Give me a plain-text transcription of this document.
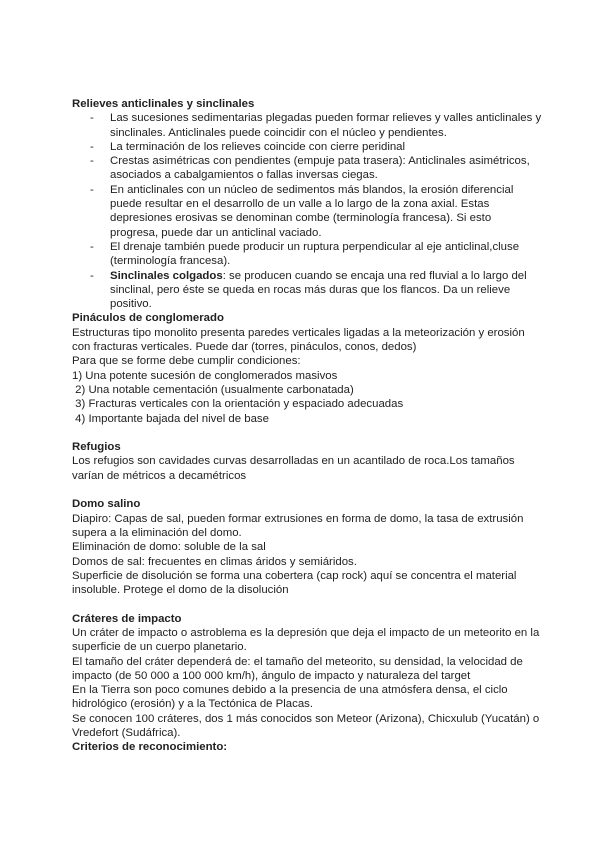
Relieves anticlinales y sinclinales

- Las sucesiones sedimentarias plegadas pueden formar relieves y valles anticlinales y sinclinales. Anticlinales puede coincidir con el núcleo y pendientes.
- La terminación de los relieves coincide con cierre peridinal
- Crestas asimétricas con pendientes (empuje pata trasera): Anticlinales asimétricos, asociados a cabalgamientos o fallas inversas ciegas.
- En anticlinales con un núcleo de sedimentos más blandos, la erosión diferencial puede resultar en el desarrollo de un valle a lo largo de la zona axial. Estas depresiones erosivas se denominan combe (terminología francesa). Si esto progresa, puede dar un anticlinal vaciado.
- El drenaje también puede producir un ruptura perpendicular al eje anticlinal,cluse (terminología francesa).
- Sinclinales colgados: se producen cuando se encaja una red fluvial a lo largo del sinclinal, pero éste se queda en rocas más duras que los flancos. Da un relieve positivo.

Pináculos de conglomerado

Estructuras tipo monolito presenta paredes verticales ligadas a la meteorización y erosión con fracturas verticales. Puede dar (torres, pináculos, conos, dedos)

Para que se forme debe cumplir condiciones:

1) Una potente sucesión de conglomerados masivos

2) Una notable cementación (usualmente carbonatada)

3) Fracturas verticales con la orientación y espaciado adecuadas

4) Importante bajada del nivel de base

Refugios

Los refugios son cavidades curvas desarrolladas en un acantilado de roca.Los tamaños varían de métricos a decamétricos

Domo salino

Diapiro: Capas de sal, pueden formar extrusiones en forma de domo, la tasa de extrusión supera a la eliminación del domo.

Eliminación de domo: soluble de la sal

Domos de sal: frecuentes en climas áridos y semiáridos.

Superficie de disolución se forma una cobertera (cap rock) aquí se concentra el material insoluble. Protege el domo de la disolución

Cráteres de impacto

Un cráter de impacto o astroblema es la depresión que deja el impacto de un meteorito en la superficie de un cuerpo planetario.

El tamaño del cráter dependerá de: el tamaño del meteorito, su densidad, la velocidad de impacto (de 50 000 a 100 000 km/h), ángulo de impacto y naturaleza del target

En la Tierra son poco comunes debido a la presencia de una atmósfera densa, el ciclo hidrológico (erosión) y a la Tectónica de Placas.

Se conocen 100 cráteres, dos 1 más conocidos son Meteor (Arizona), Chicxulub (Yucatán) o Vredefort (Sudáfrica).

Criterios de reconocimiento:
